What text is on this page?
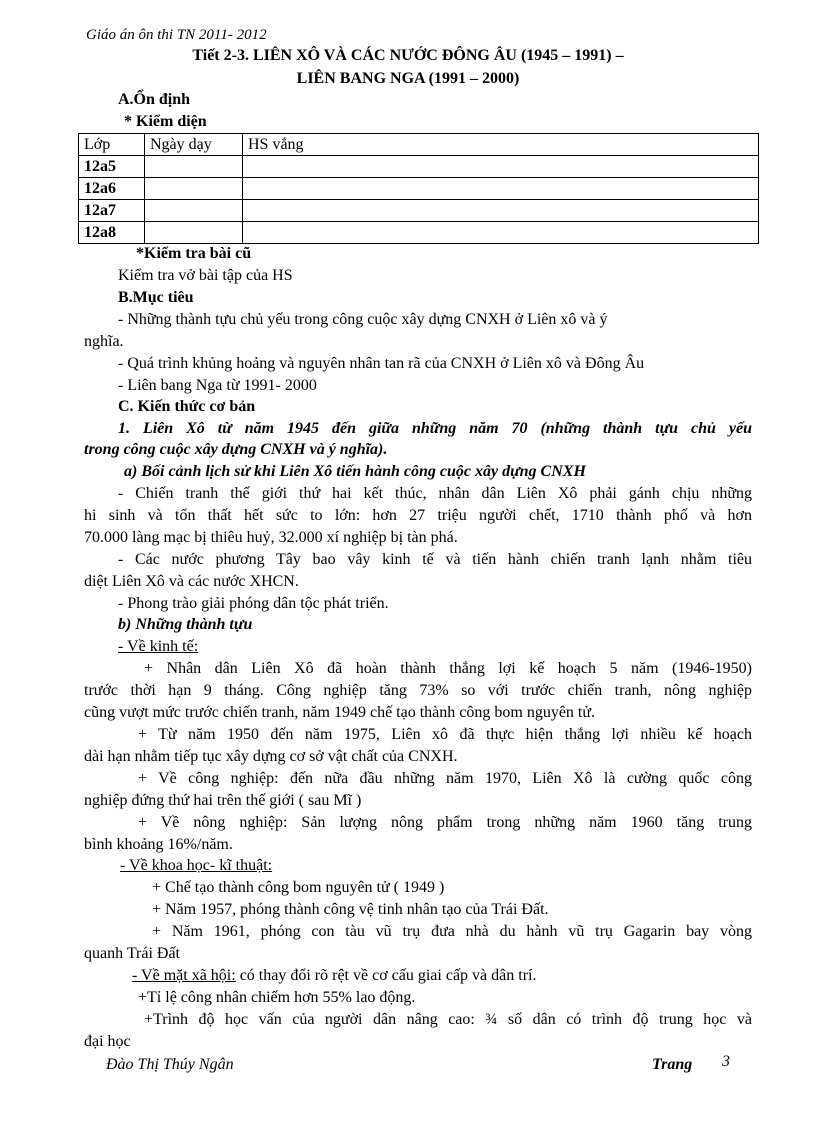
Giáo án ôn thi TN 2011- 2012
Tiết 2-3. LIÊN XÔ VÀ CÁC NƯỚC ĐÔNG ÂU (1945 – 1991) –
LIÊN BANG NGA (1991 – 2000)
A.Ổn định
* Kiểm diện
Lớp	Ngày dạy	HS vắng
12a5		
12a6		
12a7		
12a8		
*Kiểm tra bài cũ
Kiểm tra vở bài tập của HS
B.Mục tiêu
- Những thành tựu chủ yếu trong công cuộc xây dựng CNXH ở Liên xô và ý
nghĩa.
- Quá trình khủng hoảng và nguyên nhân tan rã của CNXH ở Liên xô và Đông Âu
- Liên bang Nga từ 1991- 2000
C. Kiến thức cơ bản
1. Liên Xô từ năm 1945 đến giữa những năm 70 (những thành tựu chủ yếu
trong công cuộc xây dựng CNXH và ý nghĩa).
a) Bối cảnh lịch sử khi Liên Xô tiến hành công cuộc xây dựng CNXH
- Chiến tranh thế giới thứ hai kết thúc, nhân dân Liên Xô phải gánh chịu những
hi sinh và tổn thất hết sức to lớn: hơn 27 triệu người chết, 1710 thành phố và hơn
70.000 làng mạc bị thiêu huỷ, 32.000 xí nghiệp bị tàn phá.
- Các nước phương Tây bao vây kinh tế và tiến hành chiến tranh lạnh nhằm tiêu
diệt Liên Xô và các nước XHCN.
- Phong trào giải phóng dân tộc phát triển.
b) Những thành tựu
- Về kinh tế:
+ Nhân dân Liên Xô đã hoàn thành thắng lợi kế hoạch 5 năm (1946-1950)
trước thời hạn 9 tháng. Công nghiệp tăng 73% so với trước chiến tranh, nông nghiệp
cũng vượt mức trước chiến tranh, năm 1949 chế tạo thành công bom nguyên tử.
+ Từ năm 1950 đến năm 1975, Liên xô đã thực hiện thắng lợi nhiều kế hoạch
dài hạn nhằm tiếp tục xây dựng cơ sở vật chất của CNXH.
+ Về công nghiệp: đến nữa đầu những năm 1970, Liên Xô là cường quốc công
nghiệp đứng thứ hai trên thế giới ( sau Mĩ )
+ Về nông nghiệp: Sản lượng nông phẩm trong những năm 1960 tăng trung
bình khoảng 16%/năm.
- Về khoa học- kĩ thuật:
+ Chế tạo thành công bom nguyên tử ( 1949 )
+ Năm 1957, phóng thành công vệ tinh nhân tạo của Trái Đất.
+ Năm 1961, phóng con tàu vũ trụ đưa nhà du hành vũ trụ Gagarin bay vòng
quanh Trái Đất
- Về mặt xã hội: có thay đổi rõ rệt về cơ cấu giai cấp và dân trí.
+Tỉ lệ công nhân chiếm hơn 55% lao động.
+Trình độ học vấn của người dân nâng cao: ¾ số dân có trình độ trung học và
đại học
Đào Thị Thúy Ngân	Trang 3
